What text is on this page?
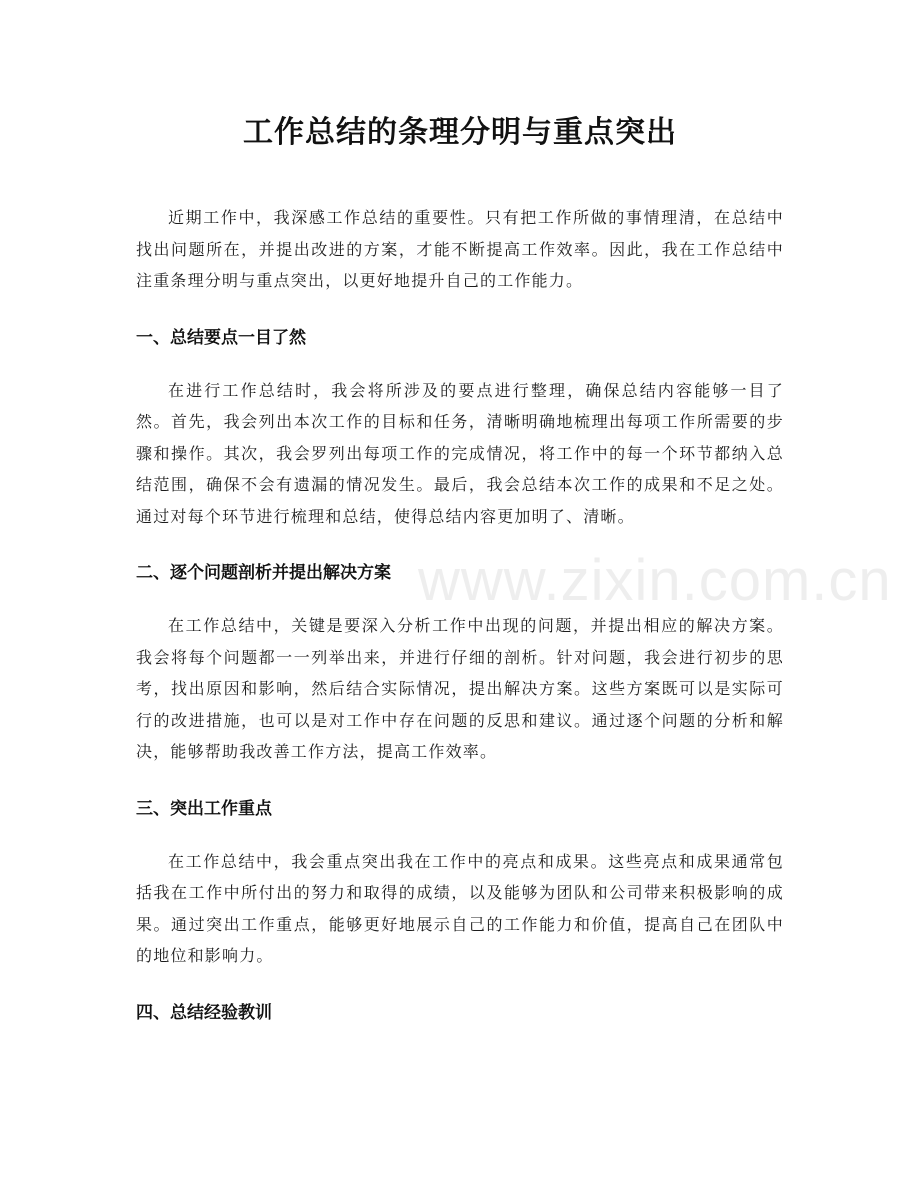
工作总结的条理分明与重点突出

近期工作中，我深感工作总结的重要性。只有把工作所做的事情理清，在总结中找出问题所在，并提出改进的方案，才能不断提高工作效率。因此，我在工作总结中注重条理分明与重点突出，以更好地提升自己的工作能力。

一、总结要点一目了然

在进行工作总结时，我会将所涉及的要点进行整理，确保总结内容能够一目了然。首先，我会列出本次工作的目标和任务，清晰明确地梳理出每项工作所需要的步骤和操作。其次，我会罗列出每项工作的完成情况，将工作中的每一个环节都纳入总结范围，确保不会有遗漏的情况发生。最后，我会总结本次工作的成果和不足之处。通过对每个环节进行梳理和总结，使得总结内容更加明了、清晰。

二、逐个问题剖析并提出解决方案

在工作总结中，关键是要深入分析工作中出现的问题，并提出相应的解决方案。我会将每个问题都一一列举出来，并进行仔细的剖析。针对问题，我会进行初步的思考，找出原因和影响，然后结合实际情况，提出解决方案。这些方案既可以是实际可行的改进措施，也可以是对工作中存在问题的反思和建议。通过逐个问题的分析和解决，能够帮助我改善工作方法，提高工作效率。

三、突出工作重点

在工作总结中，我会重点突出我在工作中的亮点和成果。这些亮点和成果通常包括我在工作中所付出的努力和取得的成绩，以及能够为团队和公司带来积极影响的成果。通过突出工作重点，能够更好地展示自己的工作能力和价值，提高自己在团队中的地位和影响力。

四、总结经验教训
www.zixin.com.cn
